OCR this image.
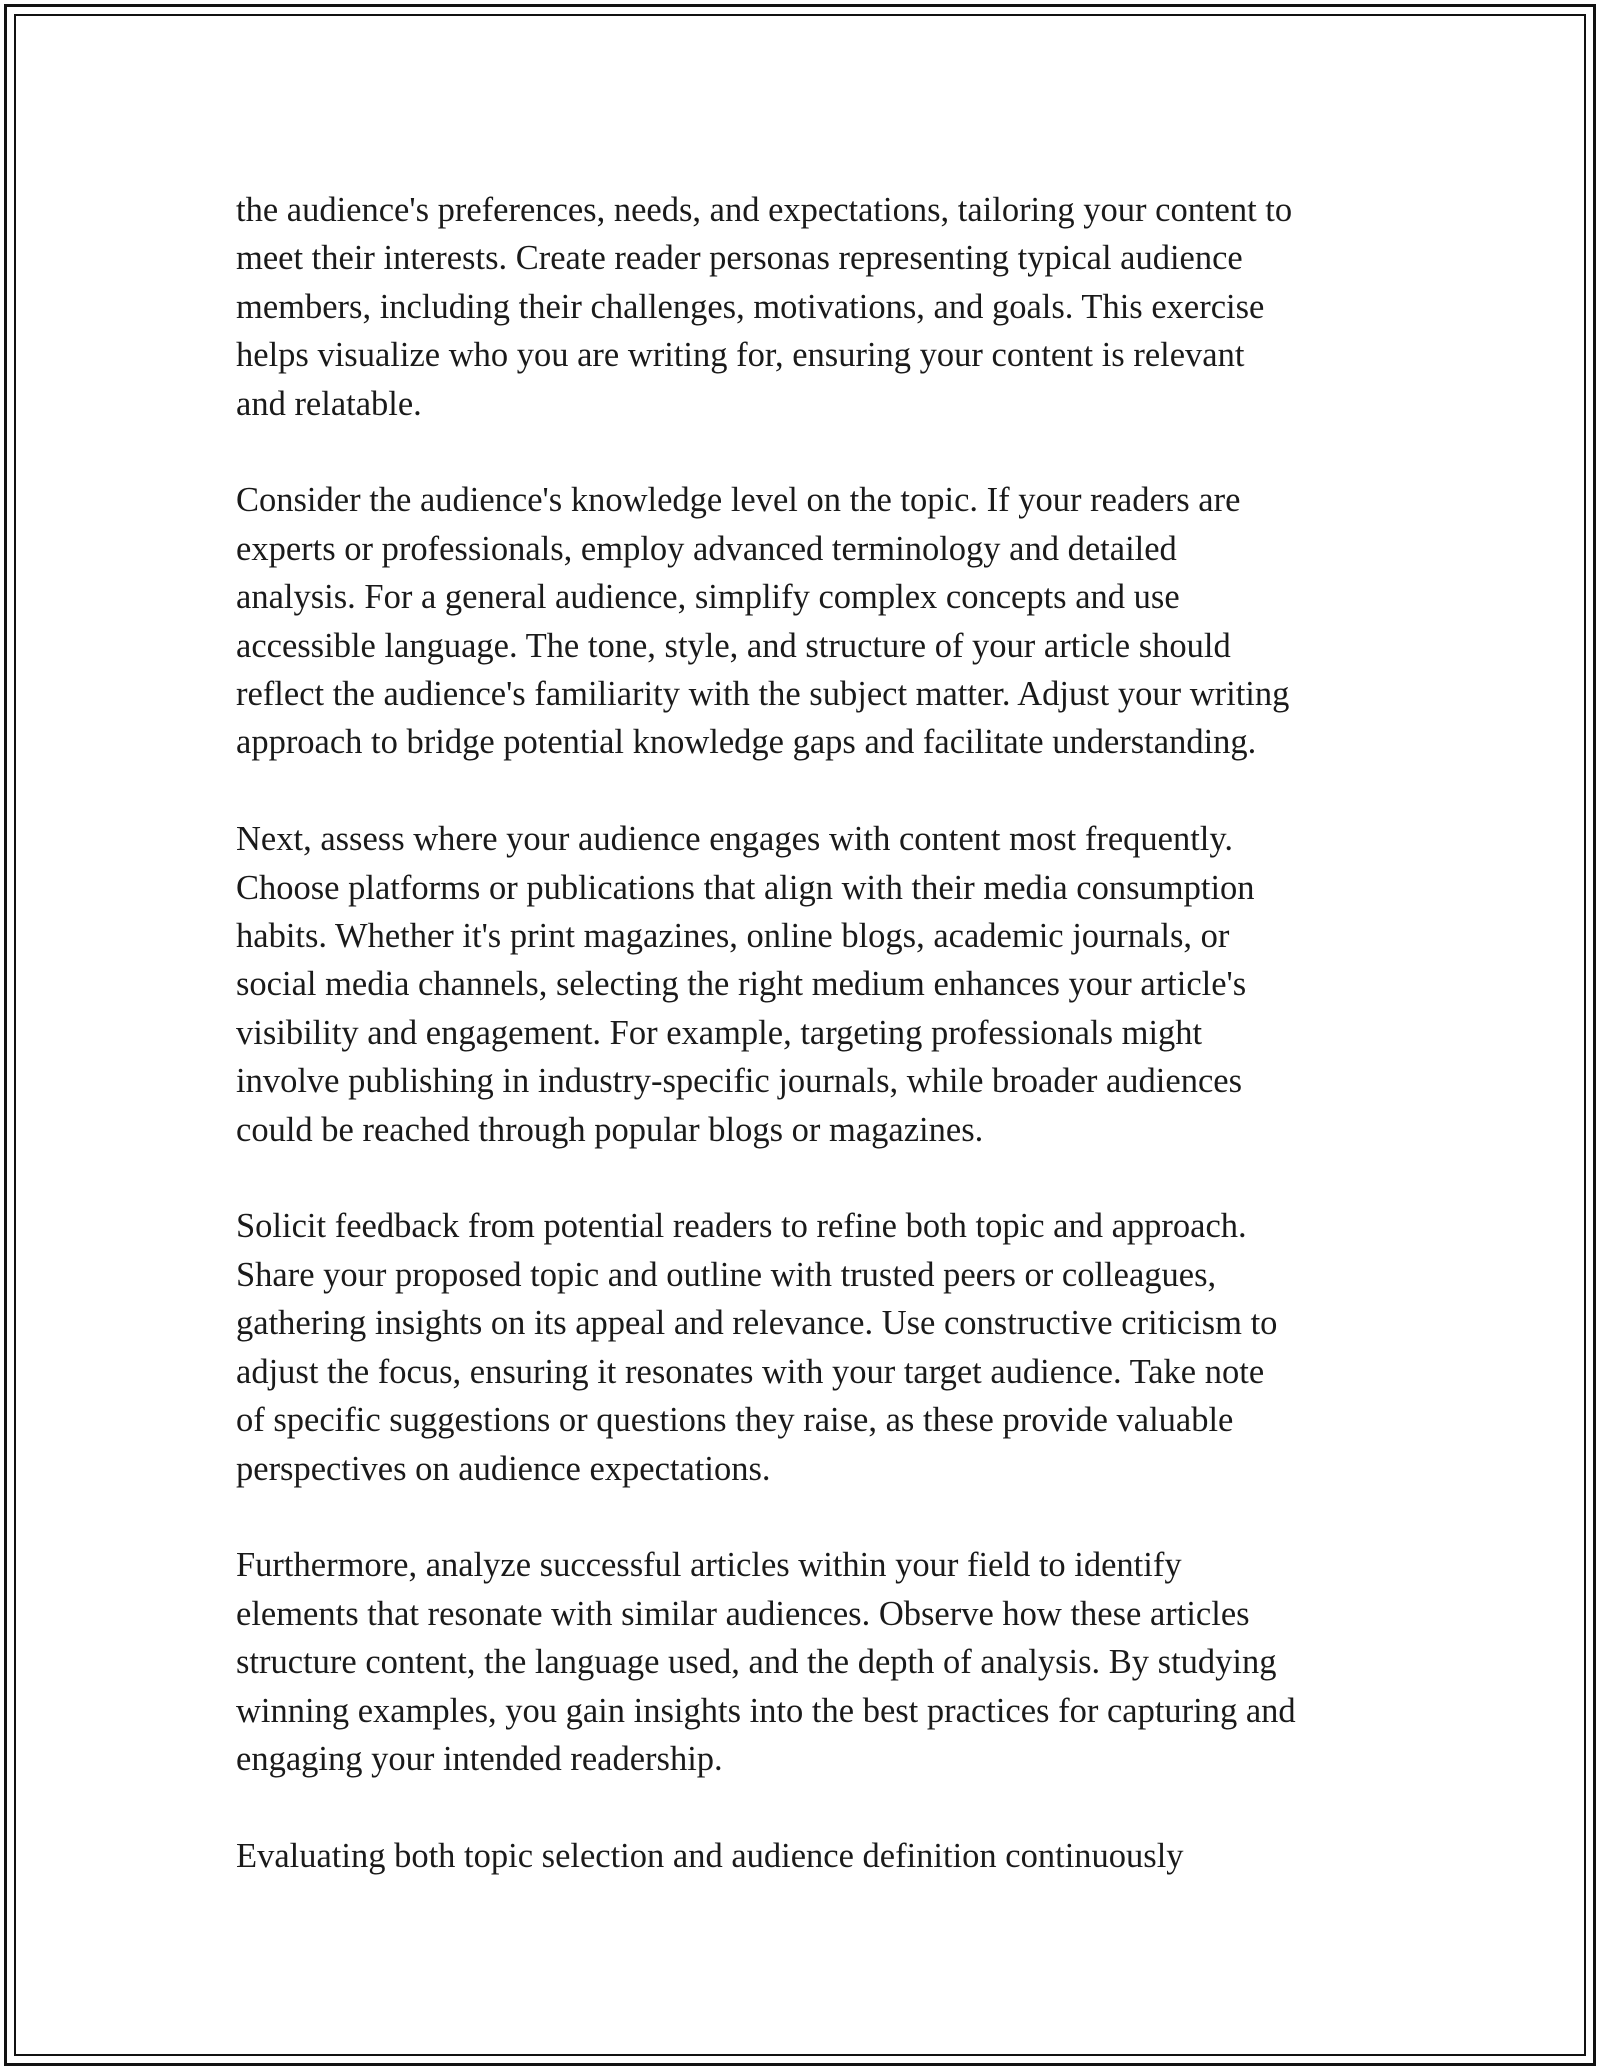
the audience's preferences, needs, and expectations, tailoring your content to
meet their interests. Create reader personas representing typical audience
members, including their challenges, motivations, and goals. This exercise
helps visualize who you are writing for, ensuring your content is relevant
and relatable.

Consider the audience's knowledge level on the topic. If your readers are
experts or professionals, employ advanced terminology and detailed
analysis. For a general audience, simplify complex concepts and use
accessible language. The tone, style, and structure of your article should
reflect the audience's familiarity with the subject matter. Adjust your writing
approach to bridge potential knowledge gaps and facilitate understanding.

Next, assess where your audience engages with content most frequently.
Choose platforms or publications that align with their media consumption
habits. Whether it's print magazines, online blogs, academic journals, or
social media channels, selecting the right medium enhances your article's
visibility and engagement. For example, targeting professionals might
involve publishing in industry-specific journals, while broader audiences
could be reached through popular blogs or magazines.

Solicit feedback from potential readers to refine both topic and approach.
Share your proposed topic and outline with trusted peers or colleagues,
gathering insights on its appeal and relevance. Use constructive criticism to
adjust the focus, ensuring it resonates with your target audience. Take note
of specific suggestions or questions they raise, as these provide valuable
perspectives on audience expectations.

Furthermore, analyze successful articles within your field to identify
elements that resonate with similar audiences. Observe how these articles
structure content, the language used, and the depth of analysis. By studying
winning examples, you gain insights into the best practices for capturing and
engaging your intended readership.

Evaluating both topic selection and audience definition continuously
